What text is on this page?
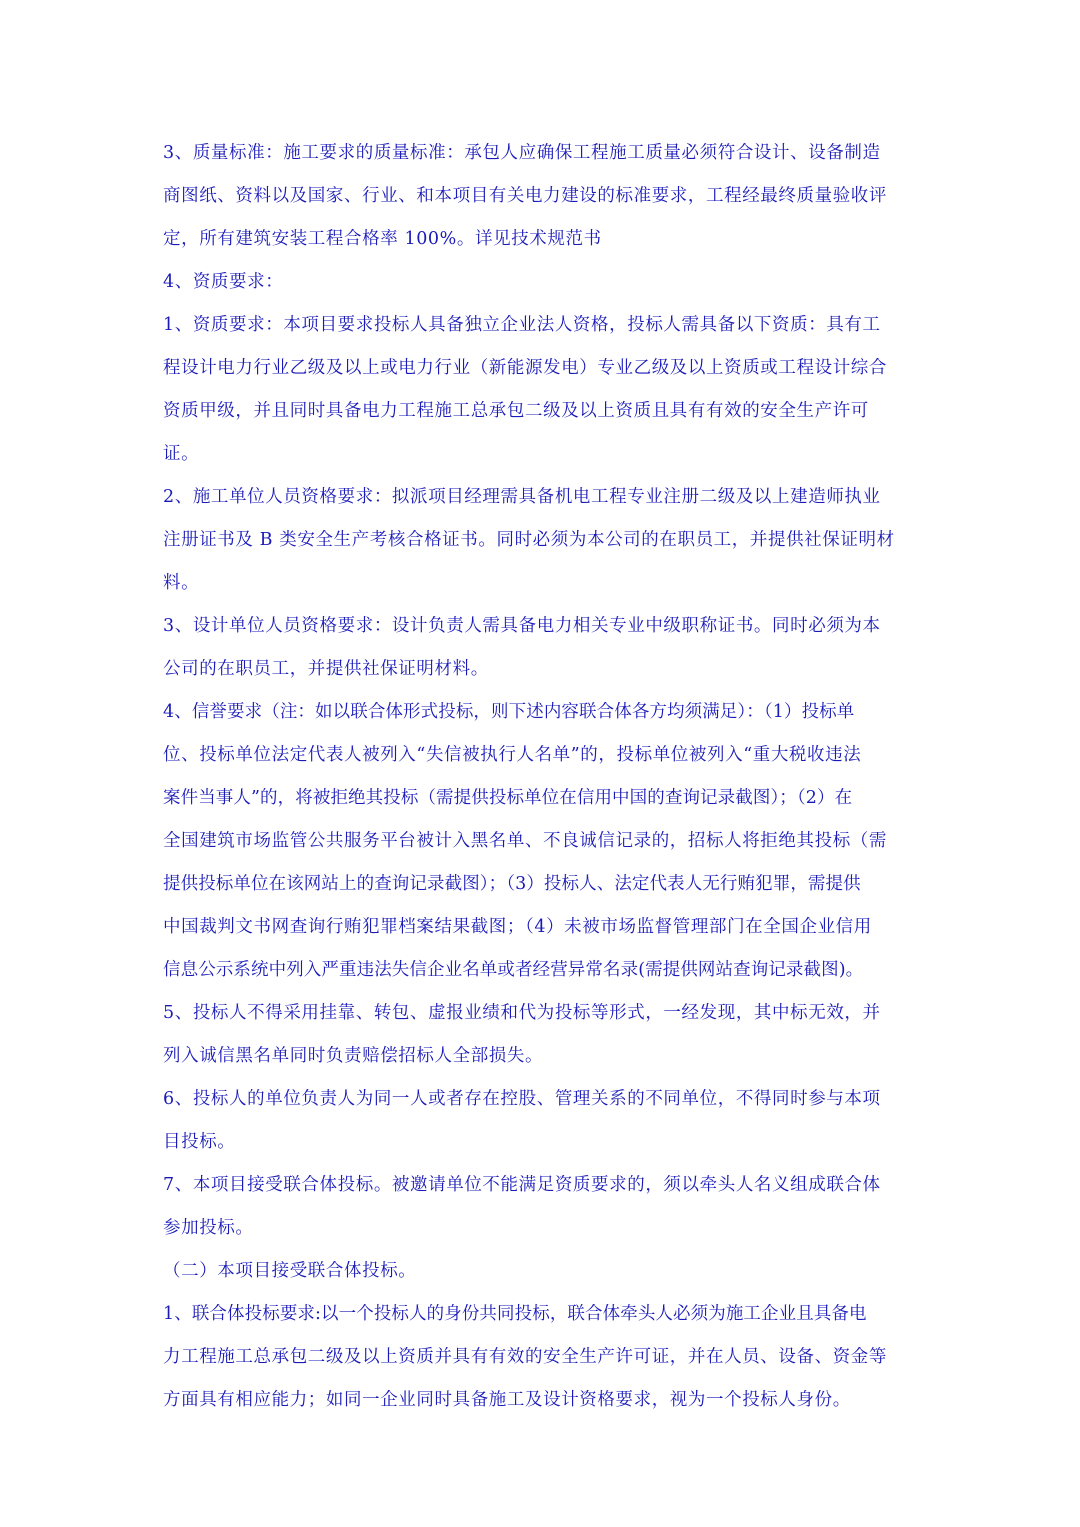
3、质量标准：施工要求的质量标准：承包人应确保工程施工质量必须符合设计、设备制造
商图纸、资料以及国家、行业、和本项目有关电力建设的标准要求，工程经最终质量验收评
定，所有建筑安装工程合格率 100%。详见技术规范书
4、资质要求：
1、资质要求：本项目要求投标人具备独立企业法人资格，投标人需具备以下资质：具有工
程设计电力行业乙级及以上或电力行业（新能源发电）专业乙级及以上资质或工程设计综合
资质甲级，并且同时具备电力工程施工总承包二级及以上资质且具有有效的安全生产许可
证。
2、施工单位人员资格要求：拟派项目经理需具备机电工程专业注册二级及以上建造师执业
注册证书及 B 类安全生产考核合格证书。同时必须为本公司的在职员工，并提供社保证明材
料。
3、设计单位人员资格要求：设计负责人需具备电力相关专业中级职称证书。同时必须为本
公司的在职员工，并提供社保证明材料。
4、信誉要求（注：如以联合体形式投标，则下述内容联合体各方均须满足）：（1）投标单
位、投标单位法定代表人被列入“失信被执行人名单”的，投标单位被列入“重大税收违法
案件当事人”的，将被拒绝其投标（需提供投标单位在信用中国的查询记录截图）；（2）在
全国建筑市场监管公共服务平台被计入黑名单、不良诚信记录的，招标人将拒绝其投标（需
提供投标单位在该网站上的查询记录截图）；（3）投标人、法定代表人无行贿犯罪，需提供
中国裁判文书网查询行贿犯罪档案结果截图；（4）未被市场监督管理部门在全国企业信用
信息公示系统中列入严重违法失信企业名单或者经营异常名录(需提供网站查询记录截图)。
5、投标人不得采用挂靠、转包、虚报业绩和代为投标等形式，一经发现，其中标无效，并
列入诚信黑名单同时负责赔偿招标人全部损失。
6、投标人的单位负责人为同一人或者存在控股、管理关系的不同单位，不得同时参与本项
目投标。
7、本项目接受联合体投标。被邀请单位不能满足资质要求的，须以牵头人名义组成联合体
参加投标。
（二）本项目接受联合体投标。
1、联合体投标要求:以一个投标人的身份共同投标，联合体牵头人必须为施工企业且具备电
力工程施工总承包二级及以上资质并具有有效的安全生产许可证，并在人员、设备、资金等
方面具有相应能力；如同一企业同时具备施工及设计资格要求，视为一个投标人身份。
